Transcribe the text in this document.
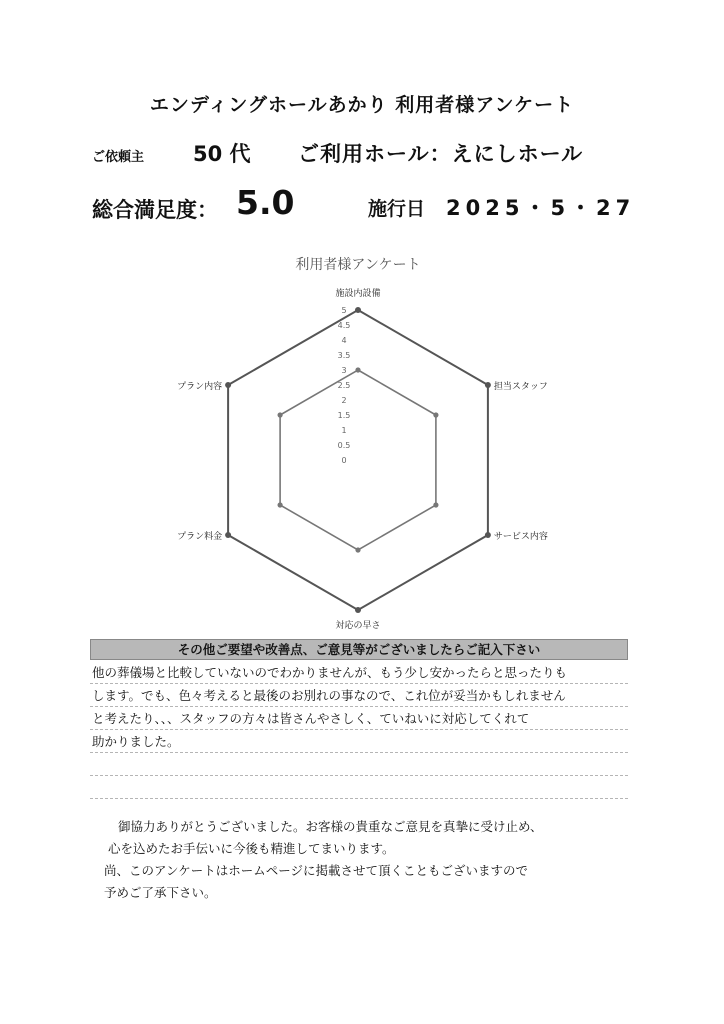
エンディングホールあかり 利用者様アンケート
ご依頼主 50 代 ご利用ホール：えにしホール
総合満足度： 5.0	施行日 2025・5・27
利用者様アンケート
0
0.5
1
1.5
2
2.5
3
3.5
4
4.5
5
施設内設備
担当スタッフ
サービス内容
対応の早さ
プラン料金
プラン内容
その他ご要望や改善点、ご意見等がございましたらご記入下さい
他の葬儀場と比較していないのでわかりませんが、もう少し安かったらと思ったりも
します。でも、色々考えると最後のお別れの事なので、これ位が妥当かもしれません
と考えたり、、、スタッフの方々は皆さんやさしく、ていねいに対応してくれて
助かりました。
御協力ありがとうございました。お客様の貴重なご意見を真摯に受け止め、
心を込めたお手伝いに今後も精進してまいります。
尚、このアンケートはホームページに掲載させて頂くこともございますので
予めご了承下さい。
